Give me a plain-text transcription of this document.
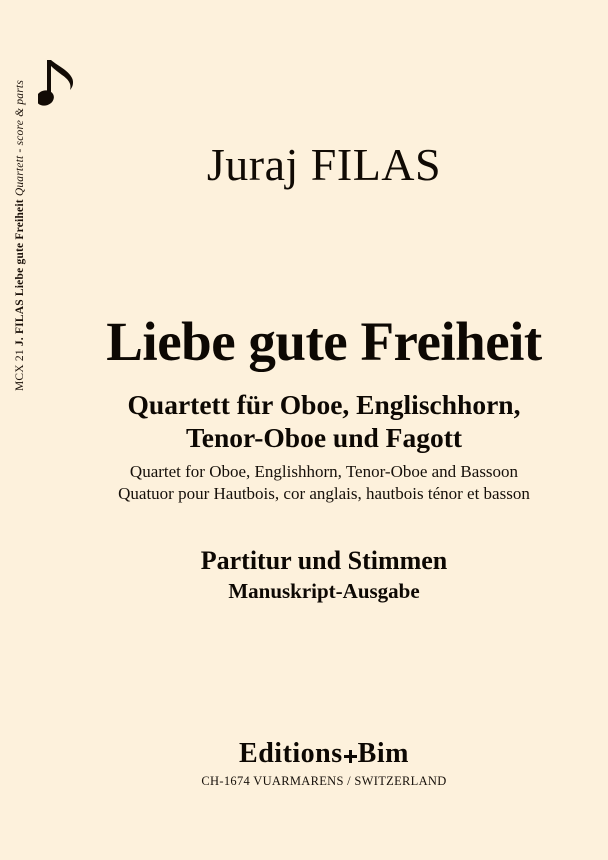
MCX 21 J. FILAS Liebe gute Freiheit Quartett - score & parts	Juraj FILAS
Liebe gute Freiheit
Quartett für Oboe, Englischhorn,
Tenor-Oboe und Fagott
Quartet for Oboe, Englishhorn, Tenor-Oboe and Bassoon
Quatuor pour Hautbois, cor anglais, hautbois ténor et basson
Partitur und Stimmen
Manuskript-Ausgabe
Editions Bim
CH-1674 VUARMARENS / SWITZERLAND
